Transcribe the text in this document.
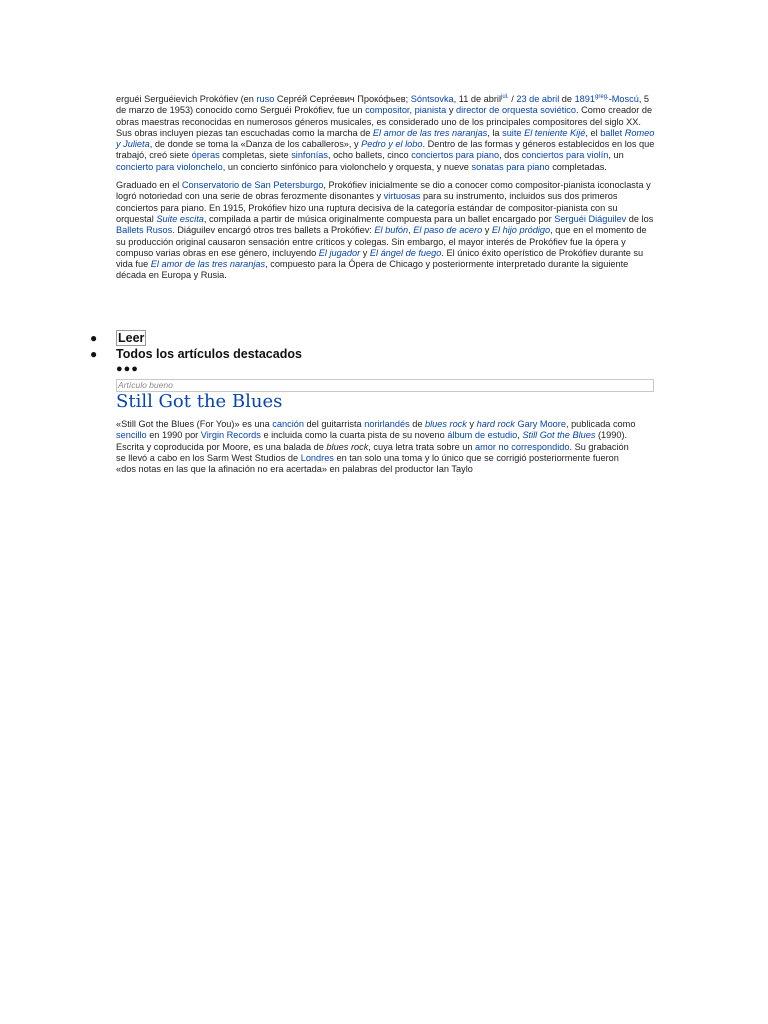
erguéi Serguéievich Prokófiev (en ruso Серге́й Серге́евич Проко́фьев; Sóntsovka, 11 de abril$^{jul.}$ / 23 de abril de $1891^{greg.}$-Moscú, 5 de marzo de 1953) conocido como Serguéi Prokófiev, fue un compositor, pianista y director de orquesta soviético. Como creador de obras maestras reconocidas en numerosos géneros musicales, es considerado uno de los principales compositores del siglo XX. Sus obras incluyen piezas tan escuchadas como la marcha de El amor de las tres naranjas, la suite El teniente Kijé, el ballet Romeo y Julieta, de donde se toma la «Danza de los caballeros», y Pedro y el lobo. Dentro de las formas y géneros establecidos en los que trabajó, creó siete óperas completas, siete sinfonías, ocho ballets, cinco conciertos para piano, dos conciertos para violín, un concierto para violonchelo, un concierto sinfónico para violonchelo y orquesta, y nueve sonatas para piano completadas.

Graduado en el Conservatorio de San Petersburgo, Prokófiev inicialmente se dio a conocer como compositor-pianista iconoclasta y logró notoriedad con una serie de obras ferozmente disonantes y virtuosas para su instrumento, incluidos sus dos primeros conciertos para piano. En 1915, Prokófiev hizo una ruptura decisiva de la categoría estándar de compositor-pianista con su orquestal Suite escita, compilada a partir de música originalmente compuesta para un ballet encargado por Serguéi Diáguilev de los Ballets Rusos. Diáguilev encargó otros tres ballets a Prokófiev: El bufón, El paso de acero y El hijo pródigo, que en el momento de su producción original causaron sensación entre críticos y colegas. Sin embargo, el mayor interés de Prokófiev fue la ópera y compuso varias obras en ese género, incluyendo El jugador y El ángel de fuego. El único éxito operístico de Prokófiev durante su vida fue El amor de las tres naranjas, compuesto para la Ópera de Chicago y posteriormente interpretado durante la siguiente década en Europa y Rusia.

● Leer
● Todos los artículos destacados
●●●
Artículo bueno
Still Got the Blues

«Still Got the Blues (For You)» es una canción del guitarrista norirlandés de blues rock y hard rock Gary Moore, publicada como sencillo en 1990 por Virgin Records e incluida como la cuarta pista de su noveno álbum de estudio, Still Got the Blues (1990). Escrita y coproducida por Moore, es una balada de blues rock, cuya letra trata sobre un amor no correspondido. Su grabación se llevó a cabo en los Sarm West Studios de Londres en tan solo una toma y lo único que se corrigió posteriormente fueron «dos notas en las que la afinación no era acertada» en palabras del productor Ian Taylo
